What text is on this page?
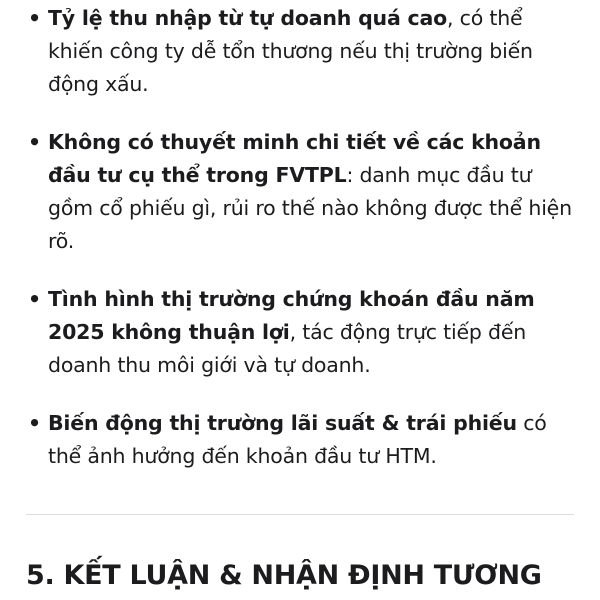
• Tỷ lệ thu nhập từ tự doanh quá cao, có thể khiến công ty dễ tổn thương nếu thị trường biến động xấu.
• Không có thuyết minh chi tiết về các khoản đầu tư cụ thể trong FVTPL: danh mục đầu tư gồm cổ phiếu gì, rủi ro thế nào không được thể hiện rõ.
• Tình hình thị trường chứng khoán đầu năm 2025 không thuận lợi, tác động trực tiếp đến doanh thu môi giới và tự doanh.
• Biến động thị trường lãi suất & trái phiếu có thể ảnh hưởng đến khoản đầu tư HTM.
5. KẾT LUẬN & NHẬN ĐỊNH TƯƠNG
